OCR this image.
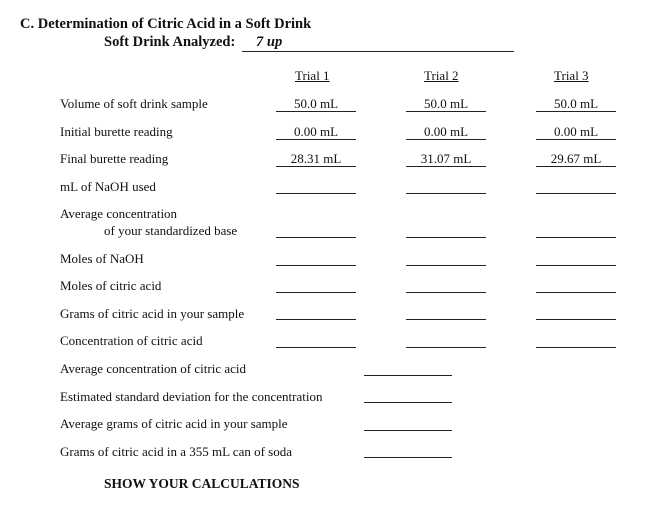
C. Determination of Citric Acid in a Soft Drink
Soft Drink Analyzed: 7 up
Trial 1	Trial 2	Trial 3
Volume of soft drink sample	50.0 mL	50.0 mL	50.0 mL
Initial burette reading	0.00 mL	0.00 mL	0.00 mL
Final burette reading	28.31 mL	31.07 mL	29.67 mL
mL of NaOH used
Average concentration
of your standardized base
Moles of NaOH
Moles of citric acid
Grams of citric acid in your sample
Concentration of citric acid
Average concentration of citric acid
Estimated standard deviation for the concentration
Average grams of citric acid in your sample
Grams of citric acid in a 355 mL can of soda
SHOW YOUR CALCULATIONS
